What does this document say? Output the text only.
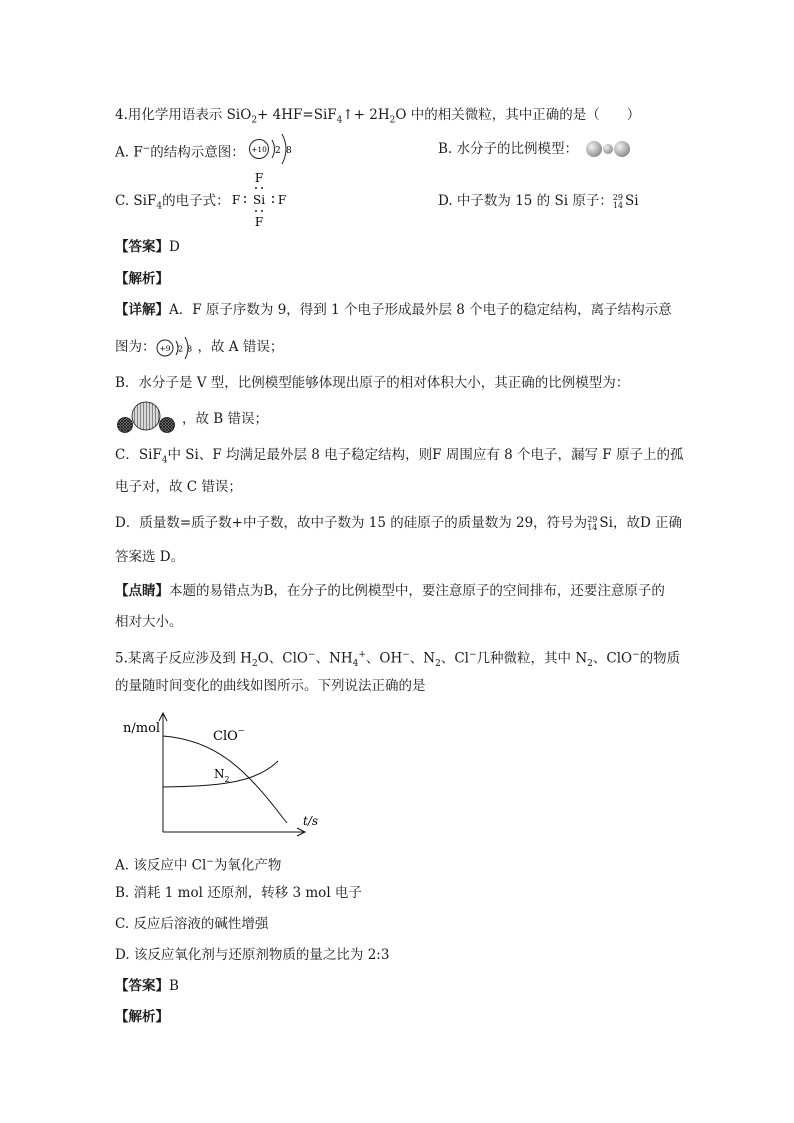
4.用化学用语表示 SiO$_2$+ 4HF=SiF$_4$↑+ $2H_2O$ 中的相关微粒，其中正确的是（　　）
A. F−的结构示意图： +10 2 8	B. 水分子的比例模型：
C. SiF$_4$的电子式：
F
F Si F
F
D. 中子数为 15 的 Si 原子： 29
14 Si
【答案】D
【解析】
【详解】A．F 原子序数为 9，得到 1 个电子形成最外层 8 个电子的稳定结构，离子结构示意
图为：	，故 A 错误；
+9 2 8
B．水分子是 V 型，比例模型能够体现出原子的相对体积大小，其正确的比例模型为：
，故 B 错误；
C．SiF$_4$中 Si、F 均满足最外层 8 电子稳定结构，则F 周围应有 8 个电子，漏写 F 原子上的孤
电子对，故 C 错误；
D．质量数=质子数+中子数，故中子数为 15 的硅原子的质量数为 29，符号为 29
14 Si，故D 正确
答案选 D。
【点睛】本题的易错点为B，在分子的比例模型中，要注意原子的空间排布，还要注意原子的
相对大小。
5.某离子反应涉及到 $H_2O$、ClO−、$NH_4^+$、OH−、$N_2$、Cl−几种微粒，其中 $N_2$、ClO−的物质
的量随时间变化的曲线如图所示。下列说法正确的是
n/mol
t/s
ClO−
$N_2$
A. 该反应中 Cl−为氧化产物
B. 消耗 1 mol 还原剂，转移 3 mol 电子
C. 反应后溶液的碱性增强
D. 该反应氧化剂与还原剂物质的量之比为 2:3
【答案】B
【解析】
